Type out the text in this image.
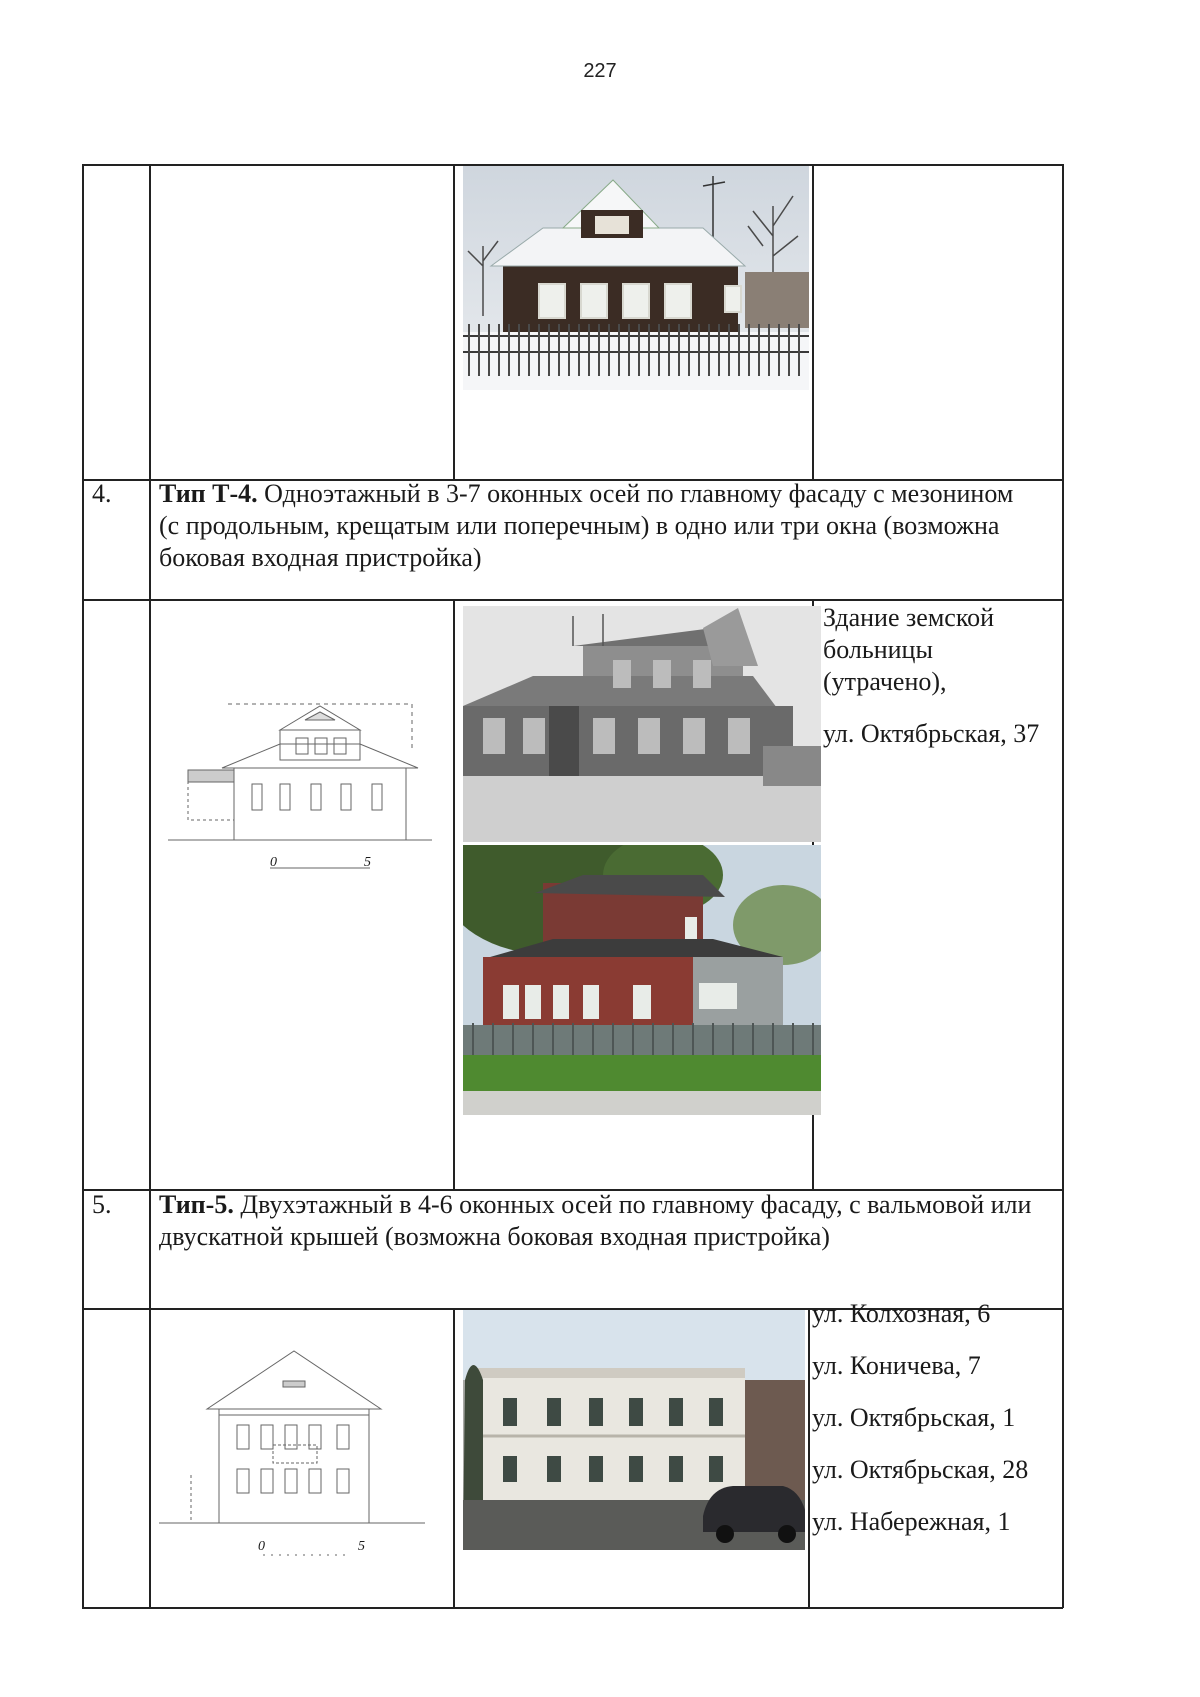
227
4. Тип Т-4. Одноэтажный в 3-7 оконных осей по главному фасаду с мезонином (с продольным, крещатым или поперечным) в одно или три окна (возможна боковая входная пристройка)
0	5

Здание земской больницы (утрачено),

ул. Октябрьская, 37

5. Тип-5. Двухэтажный в 4-6 оконных осей по главному фасаду, с вальмовой или двускатной крышей (возможна боковая входная пристройка)
0	5

ул. Колхозная, 6

ул. Коничева, 7

ул. Октябрьская, 1

ул. Октябрьская, 28

ул. Набережная, 1
